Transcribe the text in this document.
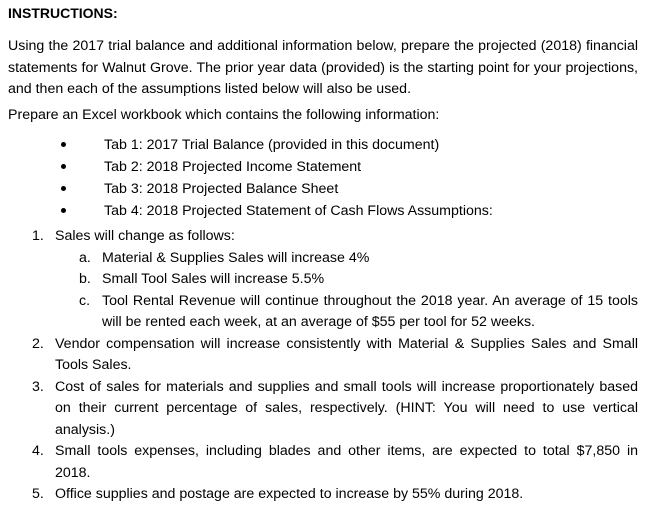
INSTRUCTIONS:

Using the 2017 trial balance and additional information below, prepare the projected (2018) financial statements for Walnut Grove. The prior year data (provided) is the starting point for your projections, and then each of the assumptions listed below will also be used.

Prepare an Excel workbook which contains the following information:

Tab 1: 2017 Trial Balance (provided in this document)
Tab 2: 2018 Projected Income Statement
Tab 3: 2018 Projected Balance Sheet
Tab 4: 2018 Projected Statement of Cash Flows Assumptions:
1. Sales will change as follows:
a. Material & Supplies Sales will increase 4%
b. Small Tool Sales will increase 5.5%
c. Tool Rental Revenue will continue throughout the 2018 year. An average of 15 tools will be rented each week, at an average of $55 per tool for 52 weeks.
2. Vendor compensation will increase consistently with Material & Supplies Sales and Small Tools Sales.
3. Cost of sales for materials and supplies and small tools will increase proportionately based on their current percentage of sales, respectively. (HINT: You will need to use vertical analysis.)
4. Small tools expenses, including blades and other items, are expected to total $7,850 in 2018.
5. Office supplies and postage are expected to increase by 55% during 2018.
